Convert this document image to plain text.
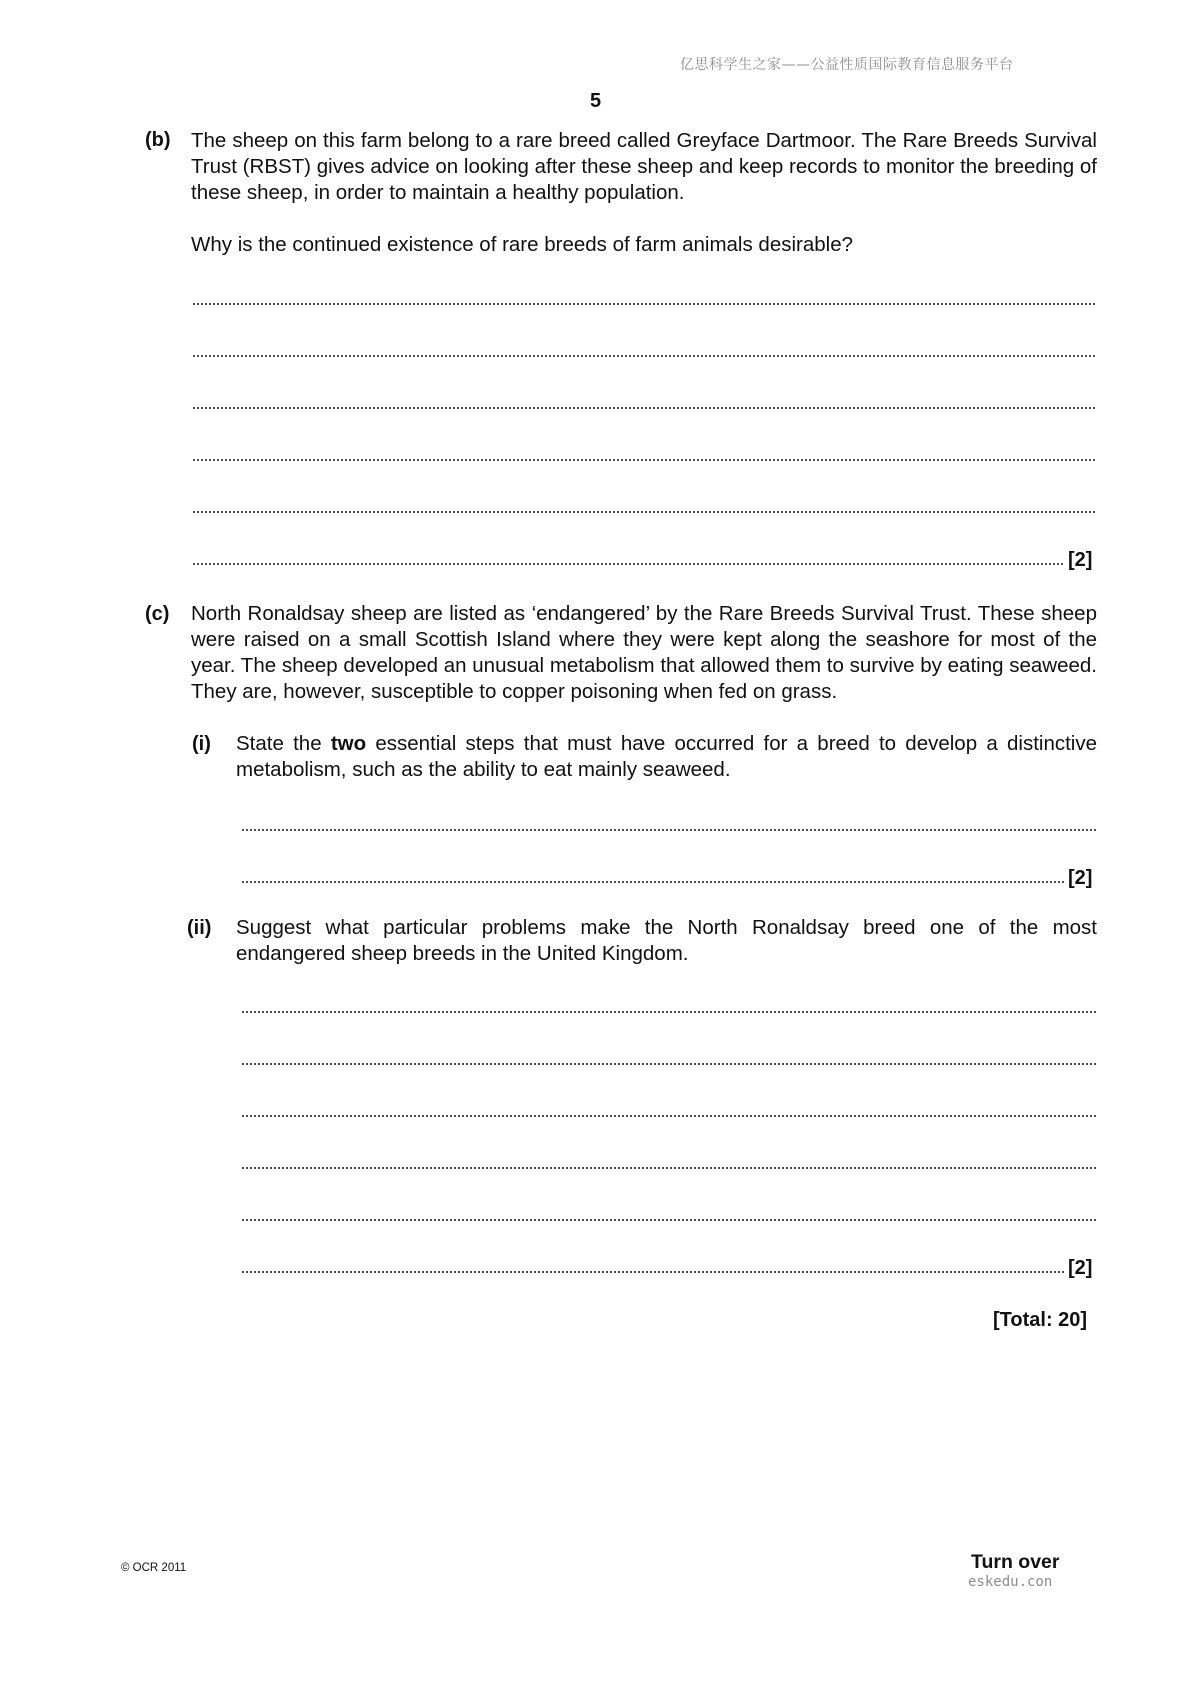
亿思科学生之家——公益性质国际教育信息服务平台
5
(b) The sheep on this farm belong to a rare breed called Greyface Dartmoor. The Rare Breeds Survival Trust (RBST) gives advice on looking after these sheep and keep records to monitor the breeding of these sheep, in order to maintain a healthy population.

Why is the continued existence of rare breeds of farm animals desirable?

[2]
(c) North Ronaldsay sheep are listed as ‘endangered’ by the Rare Breeds Survival Trust. These sheep were raised on a small Scottish Island where they were kept along the seashore for most of the year. The sheep developed an unusual metabolism that allowed them to survive by eating seaweed. They are, however, susceptible to copper poisoning when fed on grass.

(i) State the two essential steps that must have occurred for a breed to develop a distinctive metabolism, such as the ability to eat mainly seaweed.

[2]
(ii) Suggest what particular problems make the North Ronaldsay breed one of the most endangered sheep breeds in the United Kingdom.

[2]
[Total: 20]
© OCR 2011	Turn over
eskedu.con
